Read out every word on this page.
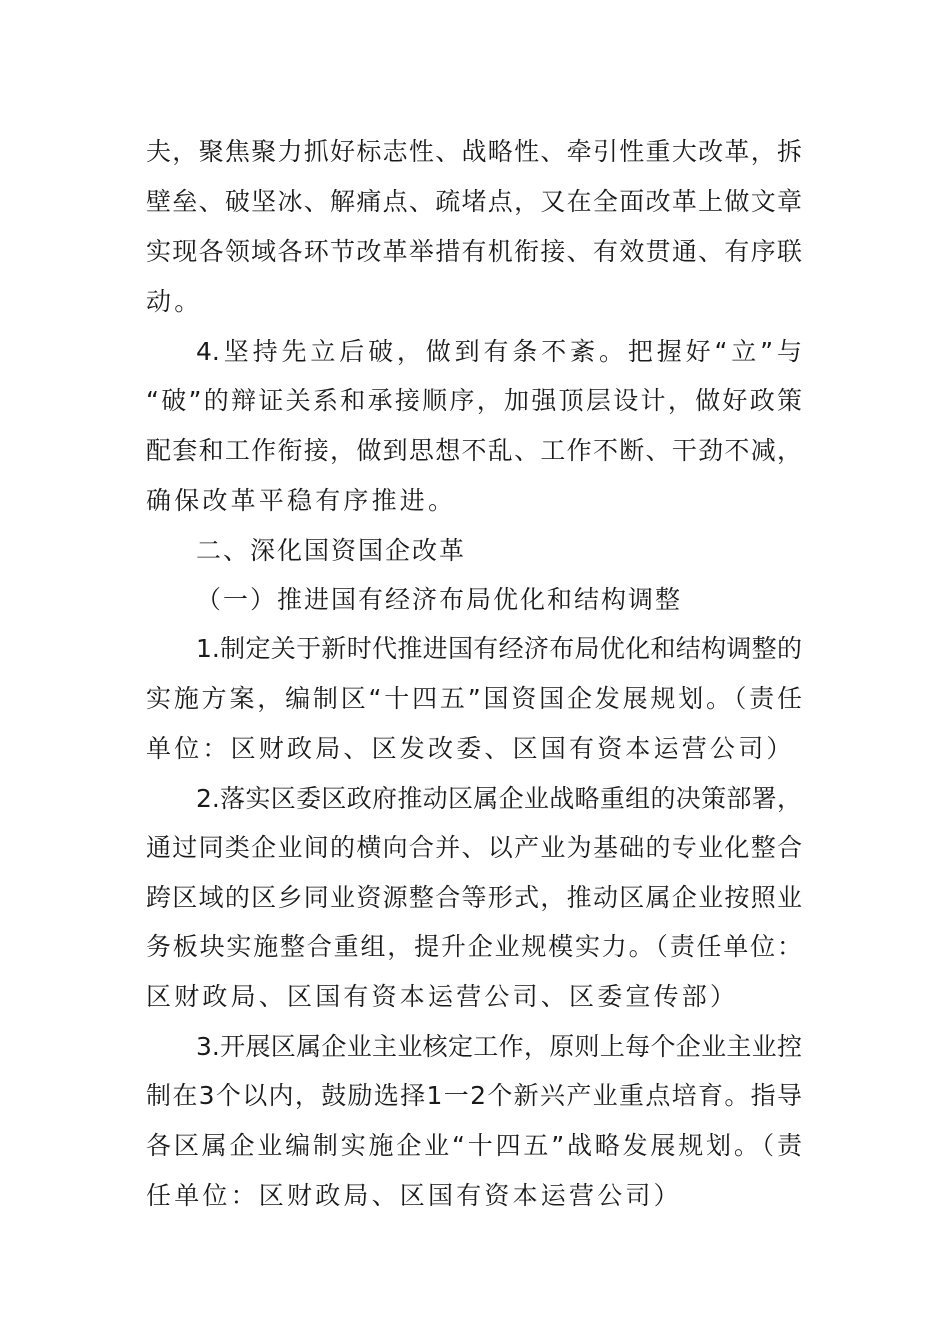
夫，聚焦聚力抓好标志性、战略性、牵引性重大改革，拆

壁垒、破坚冰、解痛点、疏堵点，又在全面改革上做文章

实现各领域各环节改革举措有机衔接、有效贯通、有序联

动。

4.坚持先立后破，做到有条不紊。把握好“立”与

“破”的辩证关系和承接顺序，加强顶层设计，做好政策

配套和工作衔接，做到思想不乱、工作不断、干劲不减，

确保改革平稳有序推进。

二、深化国资国企改革

（一）推进国有经济布局优化和结构调整

1.制定关于新时代推进国有经济布局优化和结构调整的

实施方案，编制区“十四五”国资国企发展规划。（责任

单位：区财政局、区发改委、区国有资本运营公司）

2.落实区委区政府推动区属企业战略重组的决策部署，

通过同类企业间的横向合并、以产业为基础的专业化整合

跨区域的区乡同业资源整合等形式，推动区属企业按照业

务板块实施整合重组，提升企业规模实力。（责任单位：

区财政局、区国有资本运营公司、区委宣传部）

3.开展区属企业主业核定工作，原则上每个企业主业控

制在3个以内，鼓励选择1一2个新兴产业重点培育。指导

各区属企业编制实施企业“十四五”战略发展规划。（责

任单位：区财政局、区国有资本运营公司）
